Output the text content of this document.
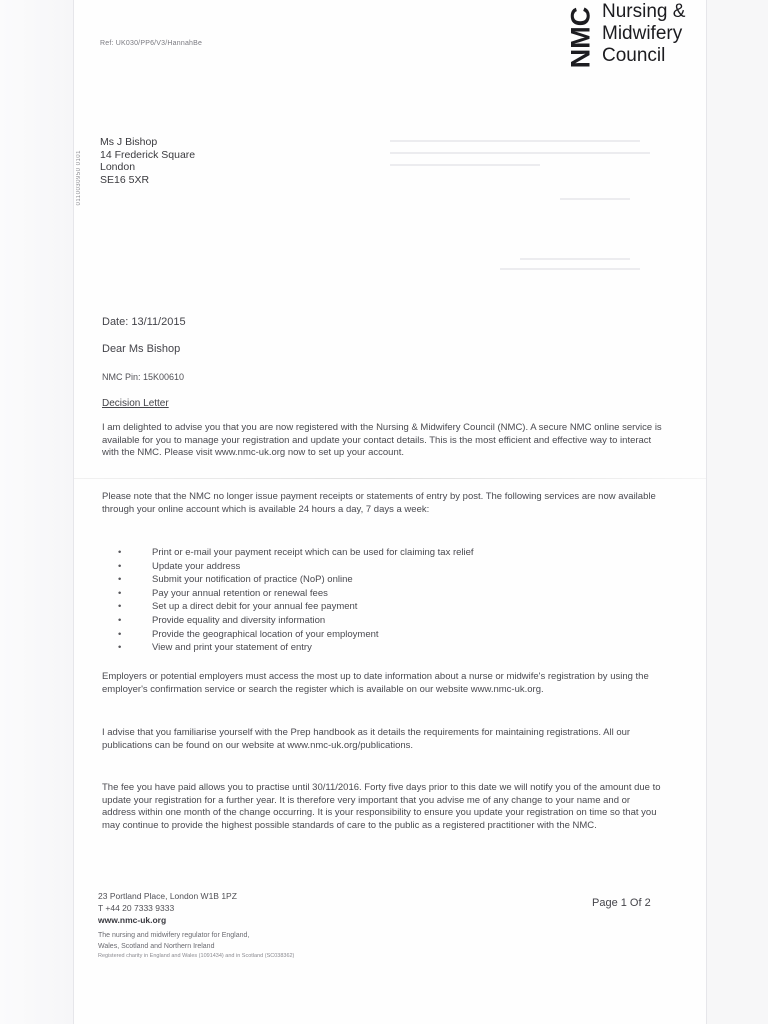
Ref: UK030/PP6/V3/HannahBe
0110030950 0101
NMC Nursing &
Midwifery
Council
Ms J Bishop
14 Frederick Square
London
SE16 5XR
Date: 13/11/2015
Dear Ms Bishop
NMC Pin: 15K00610
Decision Letter

I am delighted to advise you that you are now registered with the Nursing & Midwifery Council (NMC). A secure NMC online service is available for you to manage your registration and update your contact details. This is the most efficient and effective way to interact with the NMC. Please visit www.nmc-uk.org now to set up your account.

Please note that the NMC no longer issue payment receipts or statements of entry by post. The following services are now available through your online account which is available 24 hours a day, 7 days a week:

• Print or e-mail your payment receipt which can be used for claiming tax relief
• Update your address
• Submit your notification of practice (NoP) online
• Pay your annual retention or renewal fees
• Set up a direct debit for your annual fee payment
• Provide equality and diversity information
• Provide the geographical location of your employment
• View and print your statement of entry

Employers or potential employers must access the most up to date information about a nurse or midwife's registration by using the employer's confirmation service or search the register which is available on our website www.nmc-uk.org.

I advise that you familiarise yourself with the Prep handbook as it details the requirements for maintaining registrations. All our publications can be found on our website at www.nmc-uk.org/publications.

The fee you have paid allows you to practise until 30/11/2016. Forty five days prior to this date we will notify you of the amount due to update your registration for a further year. It is therefore very important that you advise me of any change to your name and or address within one month of the change occurring. It is your responsibility to ensure you update your registration on time so that you may continue to provide the highest possible standards of care to the public as a registered practitioner with the NMC.

23 Portland Place, London W1B 1PZ
T +44 20 7333 9333
www.nmc-uk.org
The nursing and midwifery regulator for England,
Wales, Scotland and Northern Ireland
Registered charity in England and Wales (1091434) and in Scotland (SC038362)
Page 1 Of 2
